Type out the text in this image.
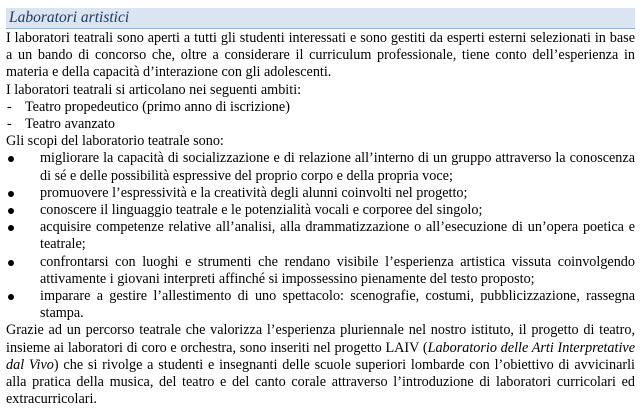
Laboratori artistici

I laboratori teatrali sono aperti a tutti gli studenti interessati e sono gestiti da esperti esterni selezionati in base a un bando di concorso che, oltre a considerare il curriculum professionale, tiene conto dell’esperienza in materia e della capacità d’interazione con gli adolescenti.

I laboratori teatrali si articolano nei seguenti ambiti:

- Teatro propedeutico (primo anno di iscrizione)
- Teatro avanzato

Gli scopi del laboratorio teatrale sono:

migliorare la capacità di socializzazione e di relazione all’interno di un gruppo attraverso la conoscenza di sé e delle possibilità espressive del proprio corpo e della propria voce;
promuovere l’espressività e la creatività degli alunni coinvolti nel progetto;
conoscere il linguaggio teatrale e le potenzialità vocali e corporee del singolo;
acquisire competenze relative all’analisi, alla drammatizzazione o all’esecuzione di un’opera poetica e teatrale;
confrontarsi con luoghi e strumenti che rendano visibile l’esperienza artistica vissuta coinvolgendo attivamente i giovani interpreti affinché si impossessino pienamente del testo proposto;
imparare a gestire l’allestimento di uno spettacolo: scenografie, costumi, pubblicizzazione, rassegna stampa.

Grazie ad un percorso teatrale che valorizza l’esperienza pluriennale nel nostro istituto, il progetto di teatro, insieme ai laboratori di coro e orchestra, sono inseriti nel progetto LAIV (Laboratorio delle Arti Interpretative dal Vivo) che si rivolge a studenti e insegnanti delle scuole superiori lombarde con l’obiettivo di avvicinarli alla pratica della musica, del teatro e del canto corale attraverso l’introduzione di laboratori curricolari ed extracurricolari.
